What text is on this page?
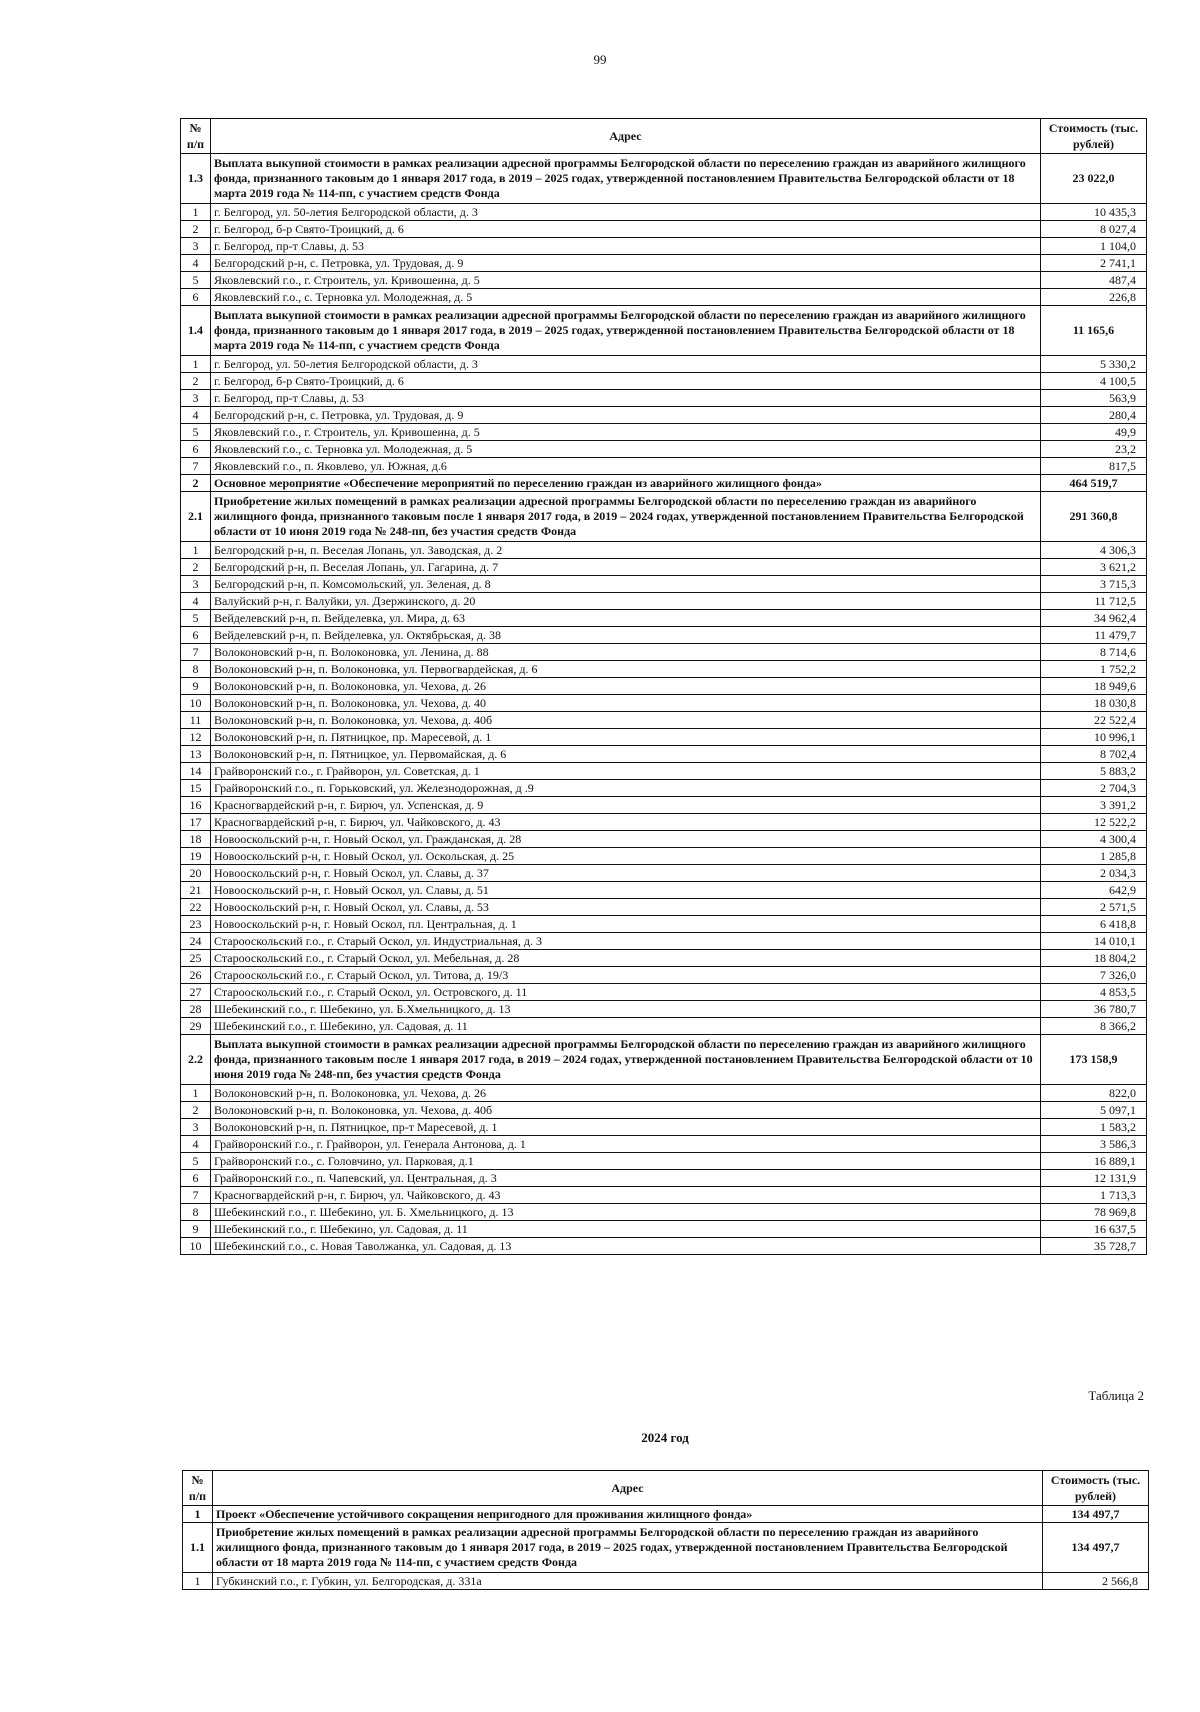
99
№ п/п	Адрес	Стоимость (тыс. рублей)
1.3	Выплата выкупной стоимости в рамках реализации адресной программы Белгородской области по переселению граждан из аварийного жилищного фонда, признанного таковым до 1 января 2017 года, в 2019 – 2025 годах, утвержденной постановлением Правительства Белгородской области от 18 марта 2019 года № 114-пп, с участием средств Фонда	23 022,0
1	г. Белгород, ул. 50-летия Белгородской области, д. 3	10 435,3
2	г. Белгород, б-р Свято-Троицкий, д. 6	8 027,4
3	г. Белгород, пр-т Славы, д. 53	1 104,0
4	Белгородский р-н, с. Петровка, ул. Трудовая, д. 9	2 741,1
5	Яковлевский г.о., г. Строитель, ул. Кривошеина, д. 5	487,4
6	Яковлевский г.о., с. Терновка ул. Молодежная, д. 5	226,8
1.4	Выплата выкупной стоимости в рамках реализации адресной программы Белгородской области по переселению граждан из аварийного жилищного фонда, признанного таковым до 1 января 2017 года, в 2019 – 2025 годах, утвержденной постановлением Правительства Белгородской области от 18 марта 2019 года № 114-пп, с участием средств Фонда	11 165,6
1	г. Белгород, ул. 50-летия Белгородской области, д. 3	5 330,2
2	г. Белгород, б-р Свято-Троицкий, д. 6	4 100,5
3	г. Белгород, пр-т Славы, д. 53	563,9
4	Белгородский р-н, с. Петровка, ул. Трудовая, д. 9	280,4
5	Яковлевский г.о., г. Строитель, ул. Кривошеина, д. 5	49,9
6	Яковлевский г.о., с. Терновка ул. Молодежная, д. 5	23,2
7	Яковлевский г.о., п. Яковлево, ул. Южная, д.6	817,5
2	Основное мероприятие «Обеспечение мероприятий по переселению граждан из аварийного жилищного фонда»	464 519,7
2.1	Приобретение жилых помещений в рамках реализации адресной программы Белгородской области по переселению граждан из аварийного жилищного фонда, признанного таковым после 1 января 2017 года, в 2019 – 2024 годах, утвержденной постановлением Правительства Белгородской области от 10 июня 2019 года № 248-пп, без участия средств Фонда	291 360,8
1	Белгородский р-н, п. Веселая Лопань, ул. Заводская, д. 2	4 306,3
2	Белгородский р-н, п. Веселая Лопань, ул. Гагарина, д. 7	3 621,2
3	Белгородский р-н, п. Комсомольский, ул. Зеленая, д. 8	3 715,3
4	Валуйский р-н, г. Валуйки, ул. Дзержинского, д. 20	11 712,5
5	Вейделевский р-н, п. Вейделевка, ул. Мира, д. 63	34 962,4
6	Вейделевский р-н, п. Вейделевка, ул. Октябрьская, д. 38	11 479,7
7	Волоконовский р-н, п. Волоконовка, ул. Ленина, д. 88	8 714,6
8	Волоконовский р-н, п. Волоконовка, ул. Первогвардейская, д. 6	1 752,2
9	Волоконовский р-н, п. Волоконовка, ул. Чехова, д. 26	18 949,6
10	Волоконовский р-н, п. Волоконовка, ул. Чехова, д. 40	18 030,8
11	Волоконовский р-н, п. Волоконовка, ул. Чехова, д. 40б	22 522,4
12	Волоконовский р-н, п. Пятницкое, пр. Маресевой, д. 1	10 996,1
13	Волоконовский р-н, п. Пятницкое, ул. Первомайская, д. 6	8 702,4
14	Грайворонский г.о., г. Грайворон, ул. Советская, д. 1	5 883,2
15	Грайворонский г.о., п. Горьковский, ул. Железнодорожная, д .9	2 704,3
16	Красногвардейский р-н, г. Бирюч, ул. Успенская, д. 9	3 391,2
17	Красногвардейский р-н, г. Бирюч, ул. Чайковского, д. 43	12 522,2
18	Новооскольский р-н, г. Новый Оскол, ул. Гражданская, д. 28	4 300,4
19	Новооскольский р-н, г. Новый Оскол, ул. Оскольская, д. 25	1 285,8
20	Новооскольский р-н, г. Новый Оскол, ул. Славы, д. 37	2 034,3
21	Новооскольский р-н, г. Новый Оскол, ул. Славы, д. 51	642,9
22	Новооскольский р-н, г. Новый Оскол, ул. Славы, д. 53	2 571,5
23	Новооскольский р-н, г. Новый Оскол, пл. Центральная, д. 1	6 418,8
24	Старооскольский г.о., г. Старый Оскол, ул. Индустриальная, д. 3	14 010,1
25	Старооскольский г.о., г. Старый Оскол, ул. Мебельная, д. 28	18 804,2
26	Старооскольский г.о., г. Старый Оскол, ул. Титова, д. 19/3	7 326,0
27	Старооскольский г.о., г. Старый Оскол, ул. Островского, д. 11	4 853,5
28	Шебекинский г.о., г. Шебекино, ул. Б.Хмельницкого, д. 13	36 780,7
29	Шебекинский г.о., г. Шебекино, ул. Садовая, д. 11	8 366,2
2.2	Выплата выкупной стоимости в рамках реализации адресной программы Белгородской области по переселению граждан из аварийного жилищного фонда, признанного таковым после 1 января 2017 года, в 2019 – 2024 годах, утвержденной постановлением Правительства Белгородской области от 10 июня 2019 года № 248-пп, без участия средств Фонда	173 158,9
1	Волоконовский р-н, п. Волоконовка, ул. Чехова, д. 26	822,0
2	Волоконовский р-н, п. Волоконовка, ул. Чехова, д. 40б	5 097,1
3	Волоконовский р-н, п. Пятницкое, пр-т Маресевой, д. 1	1 583,2
4	Грайворонский г.о., г. Грайворон, ул. Генерала Антонова, д. 1	3 586,3
5	Грайворонский г.о., с. Головчино, ул. Парковая, д.1	16 889,1
6	Грайворонский г.о., п. Чапевский, ул. Центральная, д. 3	12 131,9
7	Красногвардейский р-н, г. Бирюч, ул. Чайковского, д. 43	1 713,3
8	Шебекинский г.о., г. Шебекино, ул. Б. Хмельницкого, д. 13	78 969,8
9	Шебекинский г.о., г. Шебекино, ул. Садовая, д. 11	16 637,5
10	Шебекинский г.о., с. Новая Таволжанка, ул. Садовая, д. 13	35 728,7
Таблица 2
2024 год
№ п/п	Адрес	Стоимость (тыс. рублей)
1	Проект «Обеспечение устойчивого сокращения непригодного для проживания жилищного фонда»	134 497,7
1.1	Приобретение жилых помещений в рамках реализации адресной программы Белгородской области по переселению граждан из аварийного жилищного фонда, признанного таковым до 1 января 2017 года, в 2019 – 2025 годах, утвержденной постановлением Правительства Белгородской области от 18 марта 2019 года № 114-пп, с участием средств Фонда	134 497,7
1	Губкинский г.о., г. Губкин, ул. Белгородская, д. 331а	2 566,8
